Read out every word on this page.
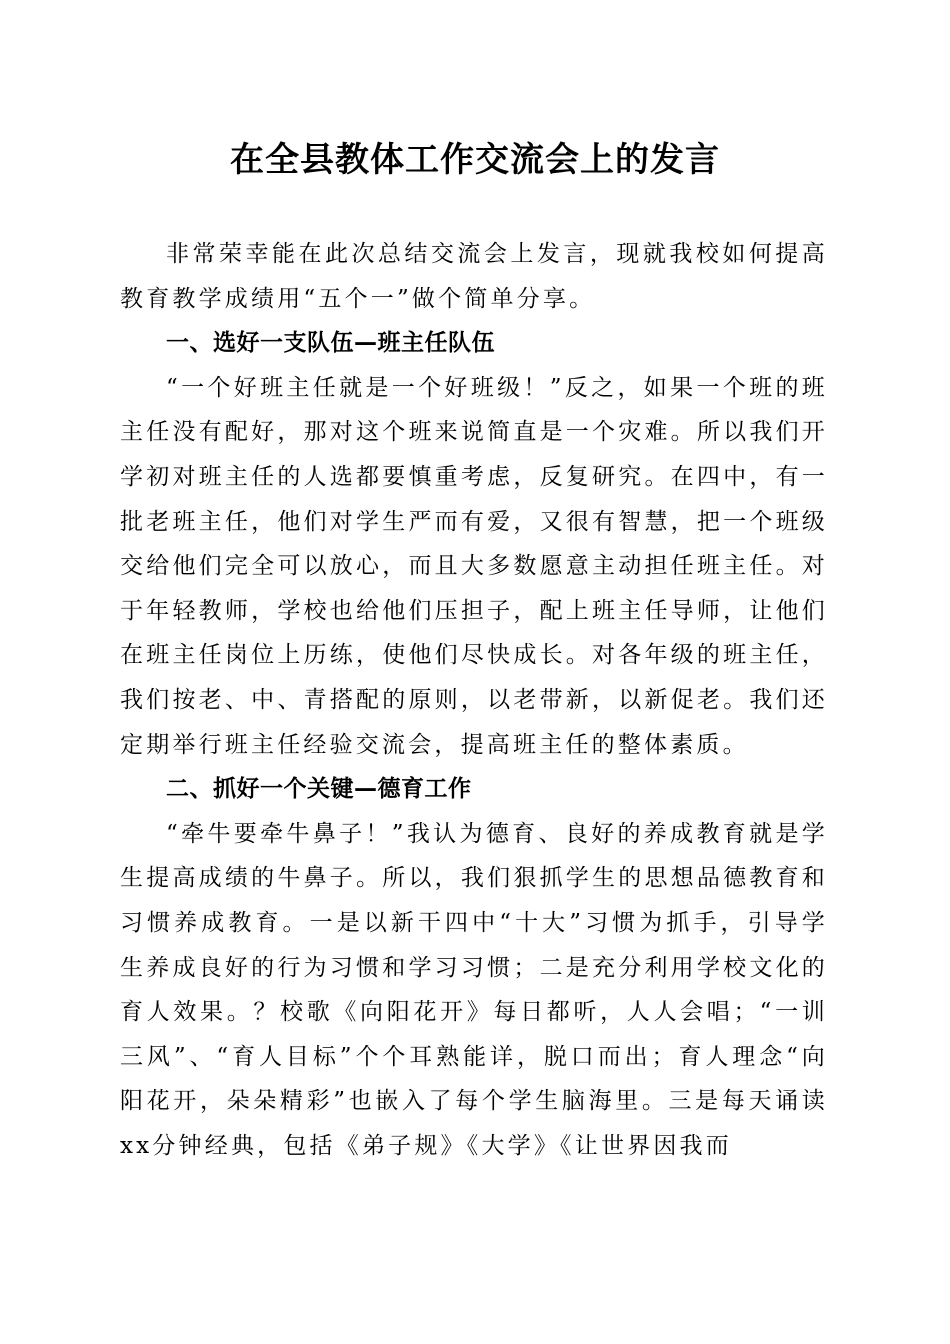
在全县教体工作交流会上的发言

非常荣幸能在此次总结交流会上发言，现就我校如何提高教育教学成绩用“五个一”做个简单分享。

一、选好一支队伍—班主任队伍

“一个好班主任就是一个好班级！”反之，如果一个班的班主任没有配好，那对这个班来说简直是一个灾难。所以我们开学初对班主任的人选都要慎重考虑，反复研究。在四中，有一批老班主任，他们对学生严而有爱，又很有智慧，把一个班级交给他们完全可以放心，而且大多数愿意主动担任班主任。对于年轻教师，学校也给他们压担子，配上班主任导师，让他们在班主任岗位上历练，使他们尽快成长。对各年级的班主任，我们按老、中、青搭配的原则，以老带新，以新促老。我们还定期举行班主任经验交流会，提高班主任的整体素质。

二、抓好一个关键—德育工作

“牵牛要牵牛鼻子！”我认为德育、良好的养成教育就是学生提高成绩的牛鼻子。所以，我们狠抓学生的思想品德教育和习惯养成教育。一是以新干四中“十大”习惯为抓手，引导学生养成良好的行为习惯和学习习惯；二是充分利用学校文化的育人效果。？校歌《向阳花开》每日都听，人人会唱；“一训三风”、“育人目标”个个耳熟能详，脱口而出；育人理念“向阳花开，朵朵精彩”也嵌入了每个学生脑海里。三是每天诵读xx分钟经典，包括《弟子规》《大学》《让世界因我而
